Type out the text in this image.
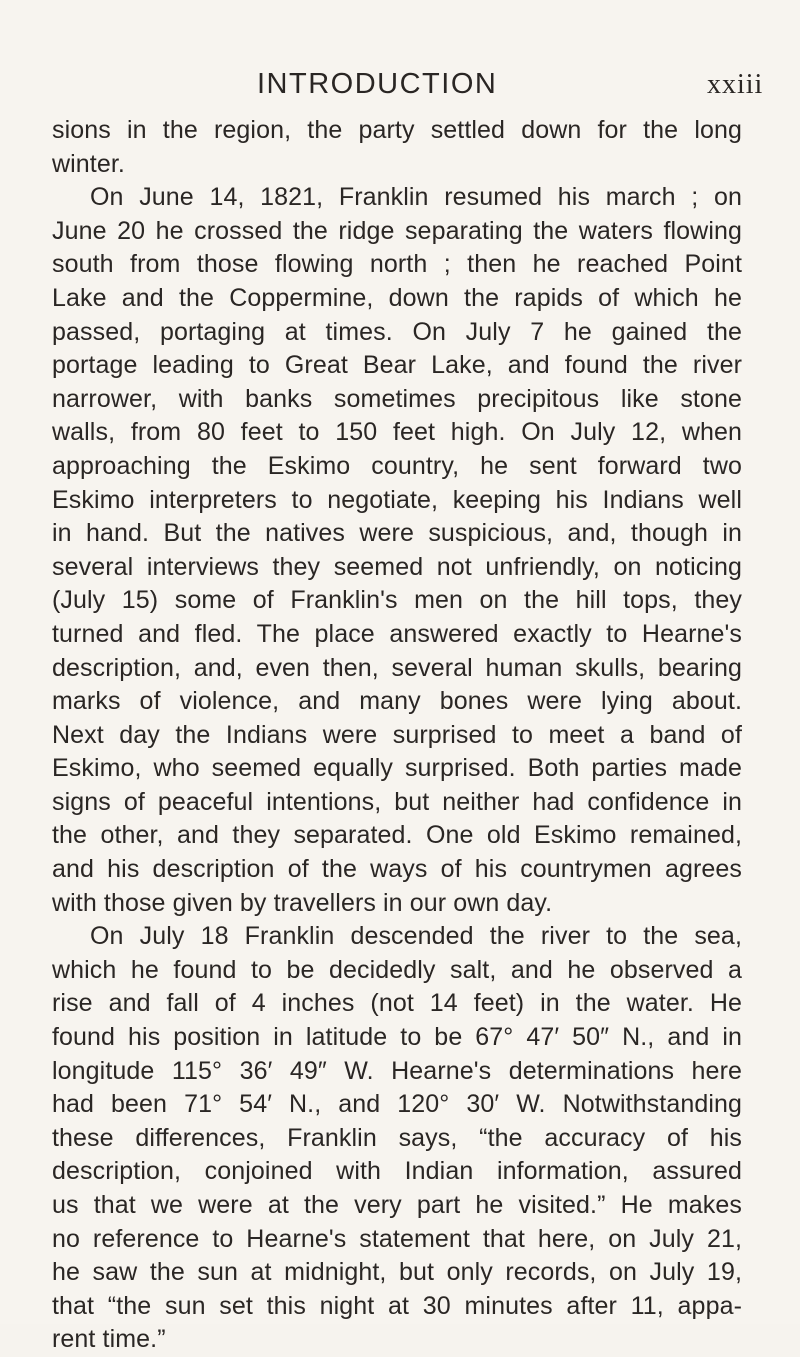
INTRODUCTION	xxiii
sions in the region, the party settled down for the long
winter.
On June 14, 1821, Franklin resumed his march ; on
June 20 he crossed the ridge separating the waters flowing
south from those flowing north ; then he reached Point
Lake and the Coppermine, down the rapids of which he
passed, portaging at times. On July 7 he gained the
portage leading to Great Bear Lake, and found the river
narrower, with banks sometimes precipitous like stone
walls, from 80 feet to 150 feet high. On July 12, when
approaching the Eskimo country, he sent forward two
Eskimo interpreters to negotiate, keeping his Indians well
in hand. But the natives were suspicious, and, though in
several interviews they seemed not unfriendly, on noticing
(July 15) some of Franklin's men on the hill tops, they
turned and fled. The place answered exactly to Hearne's
description, and, even then, several human skulls, bearing
marks of violence, and many bones were lying about.
Next day the Indians were surprised to meet a band of
Eskimo, who seemed equally surprised. Both parties made
signs of peaceful intentions, but neither had confidence in
the other, and they separated. One old Eskimo remained,
and his description of the ways of his countrymen agrees
with those given by travellers in our own day.
On July 18 Franklin descended the river to the sea,
which he found to be decidedly salt, and he observed a
rise and fall of 4 inches (not 14 feet) in the water. He
found his position in latitude to be 67° 47′ 50″ N., and in
longitude 115° 36′ 49″ W. Hearne's determinations here
had been 71° 54′ N., and 120° 30′ W. Notwithstanding
these differences, Franklin says, “the accuracy of his
description, conjoined with Indian information, assured
us that we were at the very part he visited.” He makes
no reference to Hearne's statement that here, on July 21,
he saw the sun at midnight, but only records, on July 19,
that “the sun set this night at 30 minutes after 11, appa-
rent time.”
